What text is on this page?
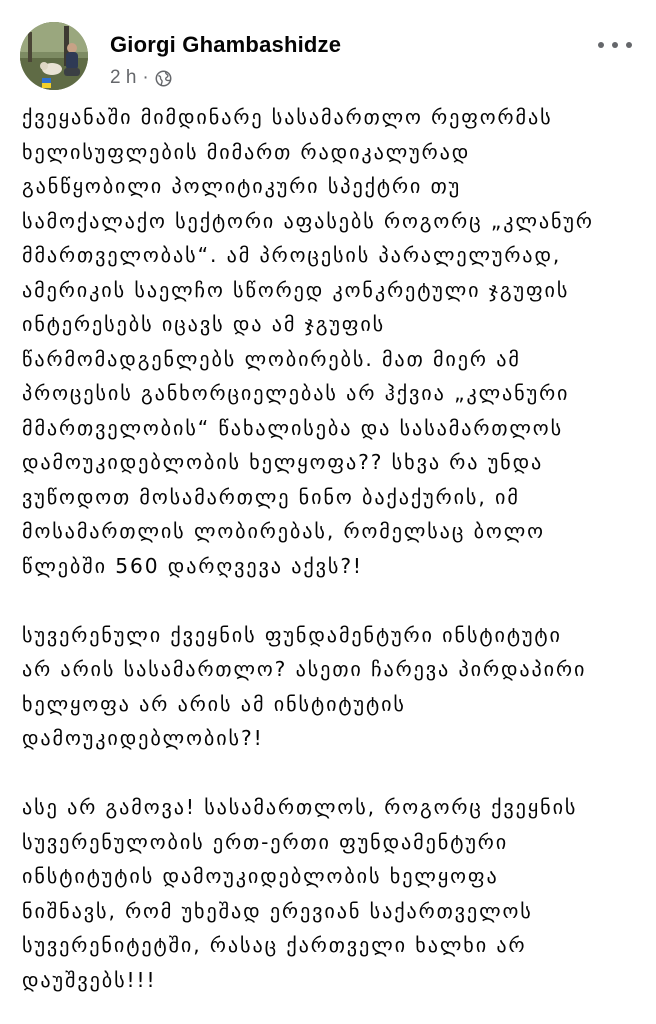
Giorgi Ghambashidze
2 h ·
ქვეყანაში მიმდინარე სასამართლო რეფორმას
ხელისუფლების მიმართ რადიკალურად
განწყობილი პოლიტიკური სპექტრი თუ
სამოქალაქო სექტორი აფასებს როგორც „კლანურ
მმართველობას“. ამ პროცესის პარალელურად,
ამერიკის საელჩო სწორედ კონკრეტული ჯგუფის
ინტერესებს იცავს და ამ ჯგუფის
წარმომადგენლებს ლობირებს. მათ მიერ ამ
პროცესის განხორციელებას არ ჰქვია „კლანური
მმართველობის“ წახალისება და სასამართლოს
დამოუკიდებლობის ხელყოფა?? სხვა რა უნდა
ვუწოდოთ მოსამართლე ნინო ბაქაქურის, იმ
მოსამართლის ლობირებას, რომელსაც ბოლო
წლებში 560 დარღვევა აქვს?!
სუვერენული ქვეყნის ფუნდამენტური ინსტიტუტი
არ არის სასამართლო? ასეთი ჩარევა პირდაპირი
ხელყოფა არ არის ამ ინსტიტუტის
დამოუკიდებლობის?!
ასე არ გამოვა! სასამართლოს, როგორც ქვეყნის
სუვერენულობის ერთ-ერთი ფუნდამენტური
ინსტიტუტის დამოუკიდებლობის ხელყოფა
ნიშნავს, რომ უხეშად ერევიან საქართველოს
სუვერენიტეტში, რასაც ქართველი ხალხი არ
დაუშვებს!!!
